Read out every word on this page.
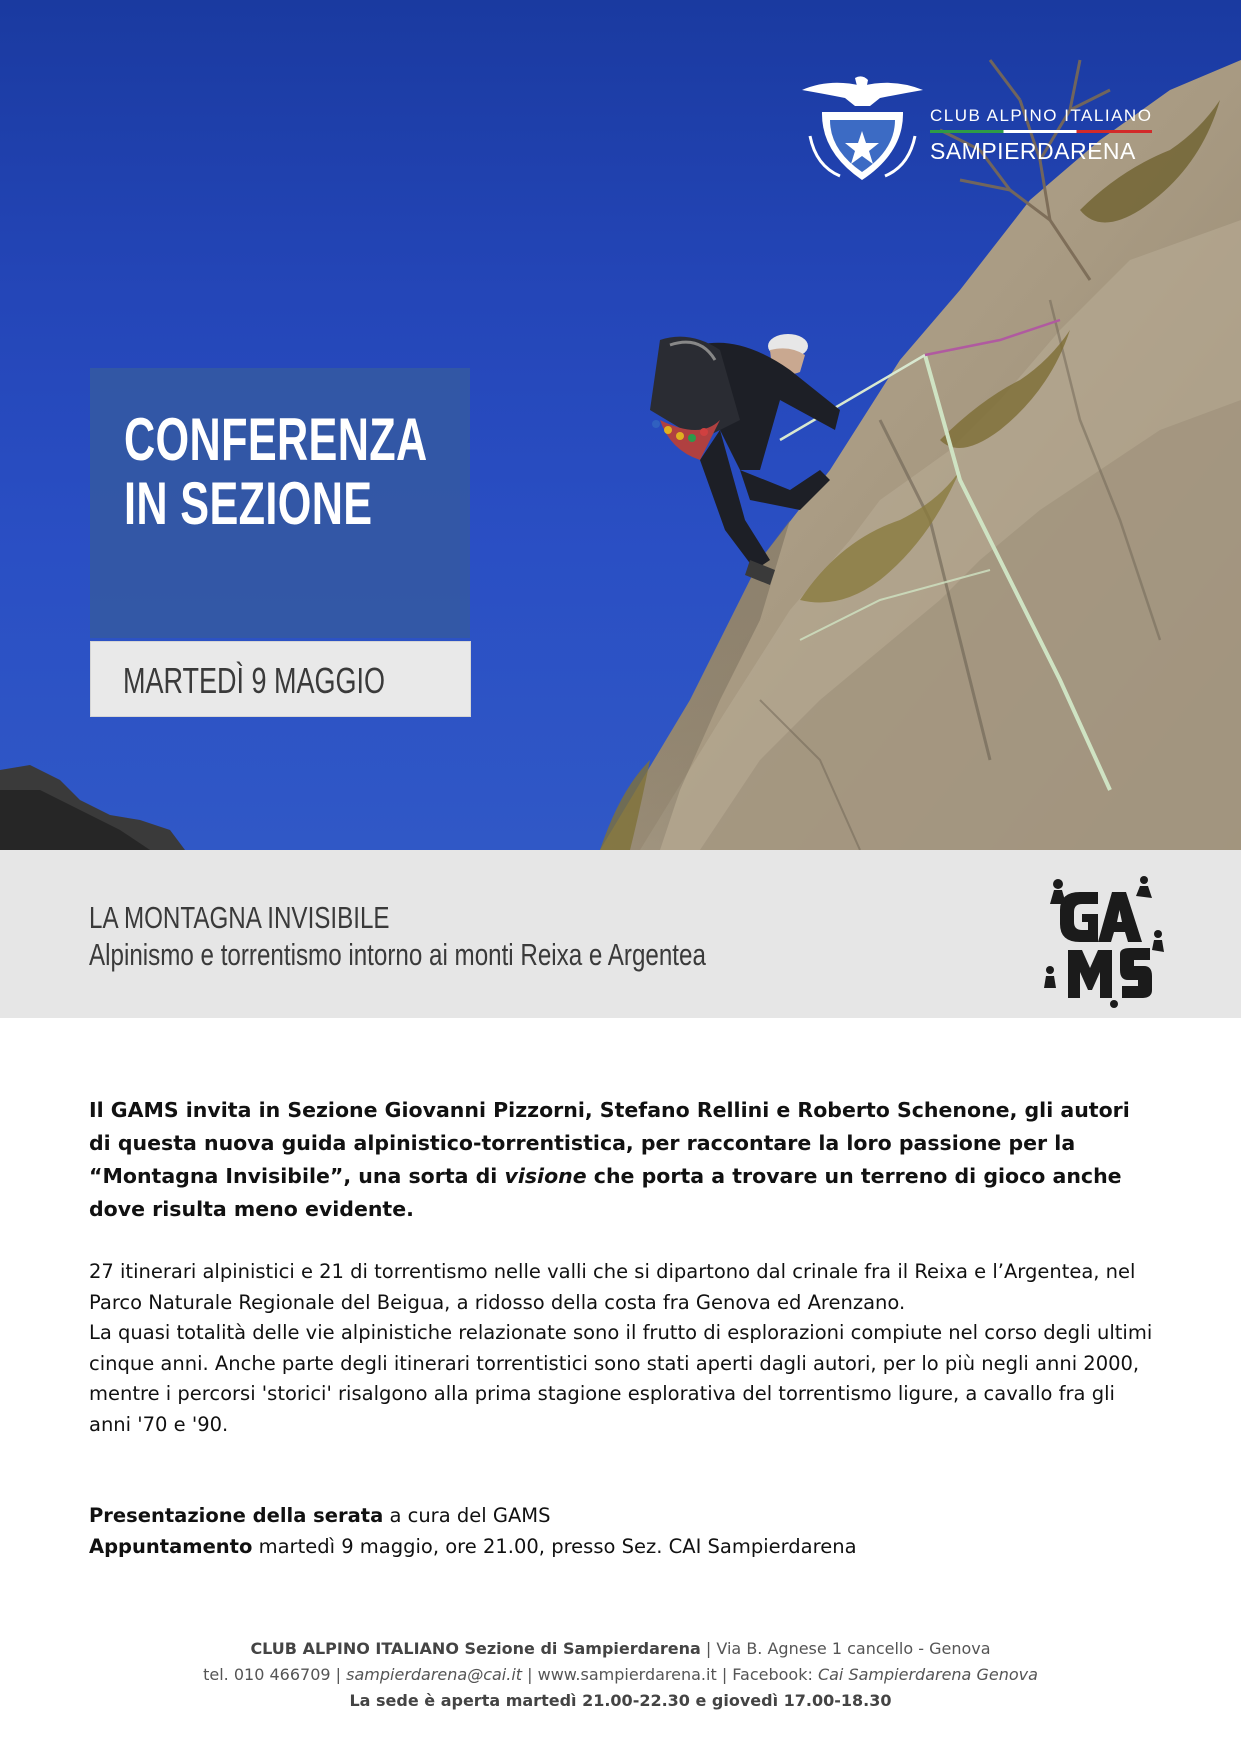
CLUB ALPINO ITALIANO
SAMPIERDARENA
CONFERENZA
IN SEZIONE
MARTEDÌ 9 MAGGIO
LA MONTAGNA INVISIBILE
Alpinismo e torrentismo intorno ai monti Reixa e Argentea
Il GAMS invita in Sezione Giovanni Pizzorni, Stefano Rellini e Roberto Schenone, gli autori di questa nuova guida alpinistico-torrentistica, per raccontare la loro passione per la “Montagna Invisibile”, una sorta di visione che porta a trovare un terreno di gioco anche dove risulta meno evidente.
27 itinerari alpinistici e 21 di torrentismo nelle valli che si dipartono dal crinale fra il Reixa e l’Argentea, nel Parco Naturale Regionale del Beigua, a ridosso della costa fra Genova ed Arenzano.
La quasi totalità delle vie alpinistiche relazionate sono il frutto di esplorazioni compiute nel corso degli ultimi cinque anni. Anche parte degli itinerari torrentistici sono stati aperti dagli autori, per lo più negli anni 2000, mentre i percorsi 'storici' risalgono alla prima stagione esplorativa del torrentismo ligure, a cavallo fra gli anni '70 e '90.
Presentazione della serata a cura del GAMS
Appuntamento martedì 9 maggio, ore 21.00, presso Sez. CAI Sampierdarena
CLUB ALPINO ITALIANO Sezione di Sampierdarena | Via B. Agnese 1 cancello - Genova
tel. 010 466709 | sampierdarena@cai.it | www.sampierdarena.it | Facebook: Cai Sampierdarena Genova
La sede è aperta martedì 21.00-22.30 e giovedì 17.00-18.30
